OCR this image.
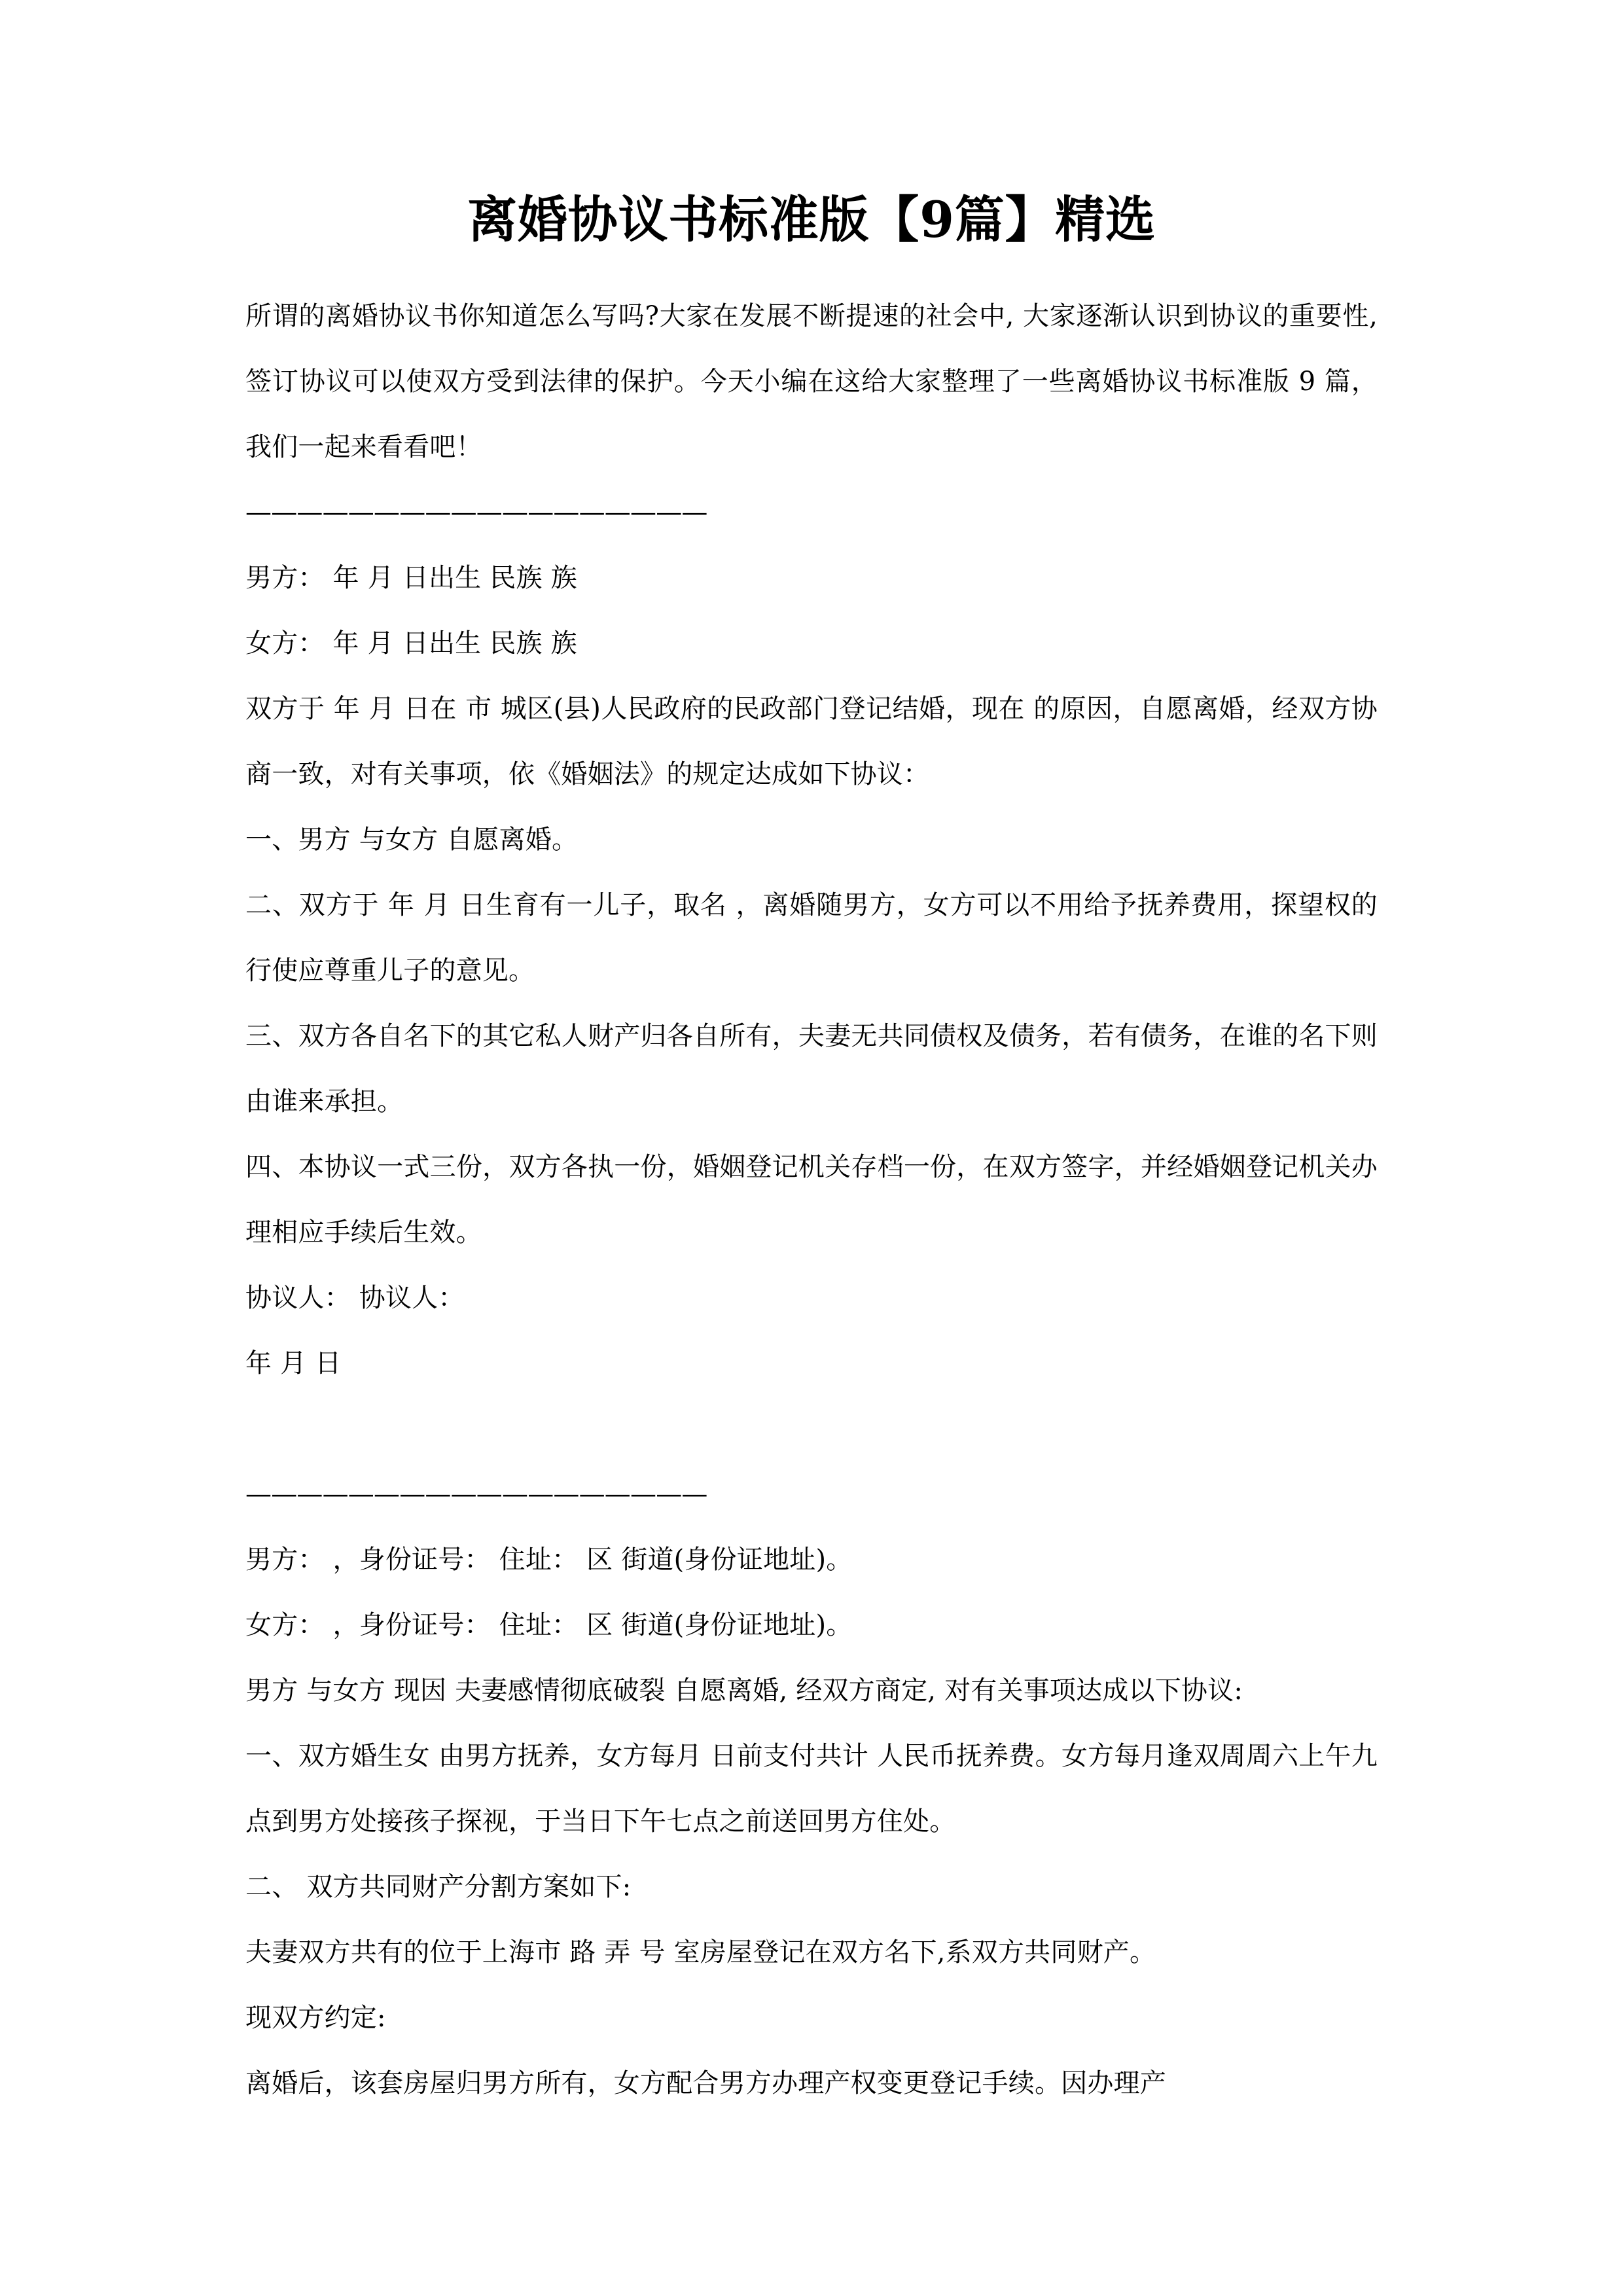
离婚协议书标准版【9篇】精选

所谓的离婚协议书你知道怎么写吗?大家在发展不断提速的社会中, 大家逐渐认识到协议的重要性, 签订协议可以使双方受到法律的保护。今天小编在这给大家整理了一些离婚协议书标准版 9 篇，我们一起来看看吧！

——————————————————

男方： 年 月 日出生 民族 族

女方： 年 月 日出生 民族 族

双方于 年 月 日在 市 城区(县)人民政府的民政部门登记结婚，现在 的原因，自愿离婚，经双方协商一致，对有关事项，依《婚姻法》的规定达成如下协议：

一、男方 与女方 自愿离婚。

二、双方于 年 月 日生育有一儿子，取名 ，离婚随男方，女方可以不用给予抚养费用，探望权的行使应尊重儿子的意见。

三、双方各自名下的其它私人财产归各自所有，夫妻无共同债权及债务，若有债务，在谁的名下则由谁来承担。

四、本协议一式三份，双方各执一份，婚姻登记机关存档一份，在双方签字，并经婚姻登记机关办理相应手续后生效。

协议人： 协议人：

年 月 日

——————————————————

男方： ，身份证号： 住址： 区 街道(身份证地址)。

女方： ，身份证号： 住址： 区 街道(身份证地址)。

男方 与女方 现因 夫妻感情彻底破裂 自愿离婚, 经双方商定, 对有关事项达成以下协议:

一、双方婚生女 由男方抚养，女方每月 日前支付共计 人民币抚养费。女方每月逢双周周六上午九点到男方处接孩子探视，于当日下午七点之前送回男方住处。

二、 双方共同财产分割方案如下:

夫妻双方共有的位于上海市 路 弄 号 室房屋登记在双方名下,系双方共同财产。

现双方约定:

离婚后，该套房屋归男方所有，女方配合男方办理产权变更登记手续。因办理产
